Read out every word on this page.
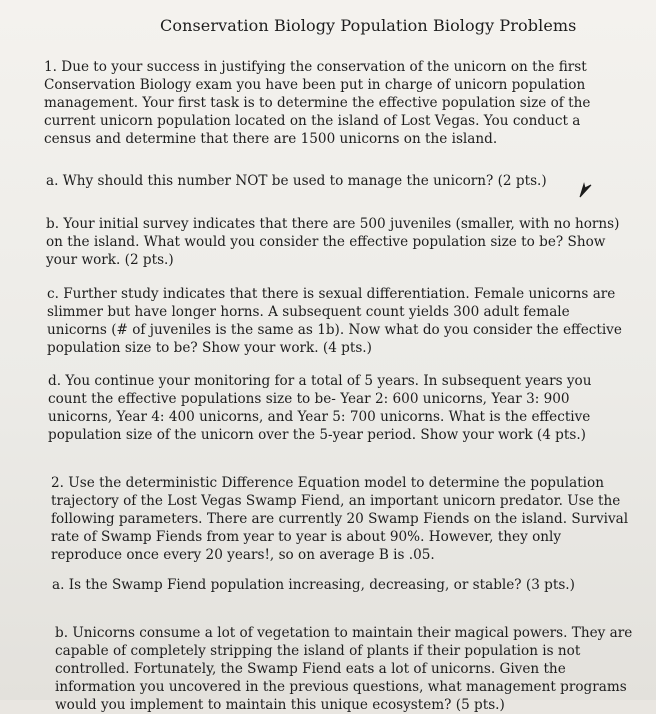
Conservation Biology Population Biology Problems
1. Due to your success in justifying the conservation of the unicorn on the first
Conservation Biology exam you have been put in charge of unicorn population
management. Your first task is to determine the effective population size of the
current unicorn population located on the island of Lost Vegas. You conduct a
census and determine that there are 1500 unicorns on the island.
a. Why should this number NOT be used to manage the unicorn? (2 pts.)
b. Your initial survey indicates that there are 500 juveniles (smaller, with no horns)
on the island. What would you consider the effective population size to be? Show
your work. (2 pts.)
c. Further study indicates that there is sexual differentiation. Female unicorns are
slimmer but have longer horns. A subsequent count yields 300 adult female
unicorns (# of juveniles is the same as 1b). Now what do you consider the effective
population size to be? Show your work. (4 pts.)
d. You continue your monitoring for a total of 5 years. In subsequent years you
count the effective populations size to be- Year 2: 600 unicorns, Year 3: 900
unicorns, Year 4: 400 unicorns, and Year 5: 700 unicorns. What is the effective
population size of the unicorn over the 5-year period. Show your work (4 pts.)
2. Use the deterministic Difference Equation model to determine the population
trajectory of the Lost Vegas Swamp Fiend, an important unicorn predator. Use the
following parameters. There are currently 20 Swamp Fiends on the island. Survival
rate of Swamp Fiends from year to year is about 90%. However, they only
reproduce once every 20 years!, so on average B is .05.
a. Is the Swamp Fiend population increasing, decreasing, or stable? (3 pts.)
b. Unicorns consume a lot of vegetation to maintain their magical powers. They are
capable of completely stripping the island of plants if their population is not
controlled. Fortunately, the Swamp Fiend eats a lot of unicorns. Given the
information you uncovered in the previous questions, what management programs
would you implement to maintain this unique ecosystem? (5 pts.)
